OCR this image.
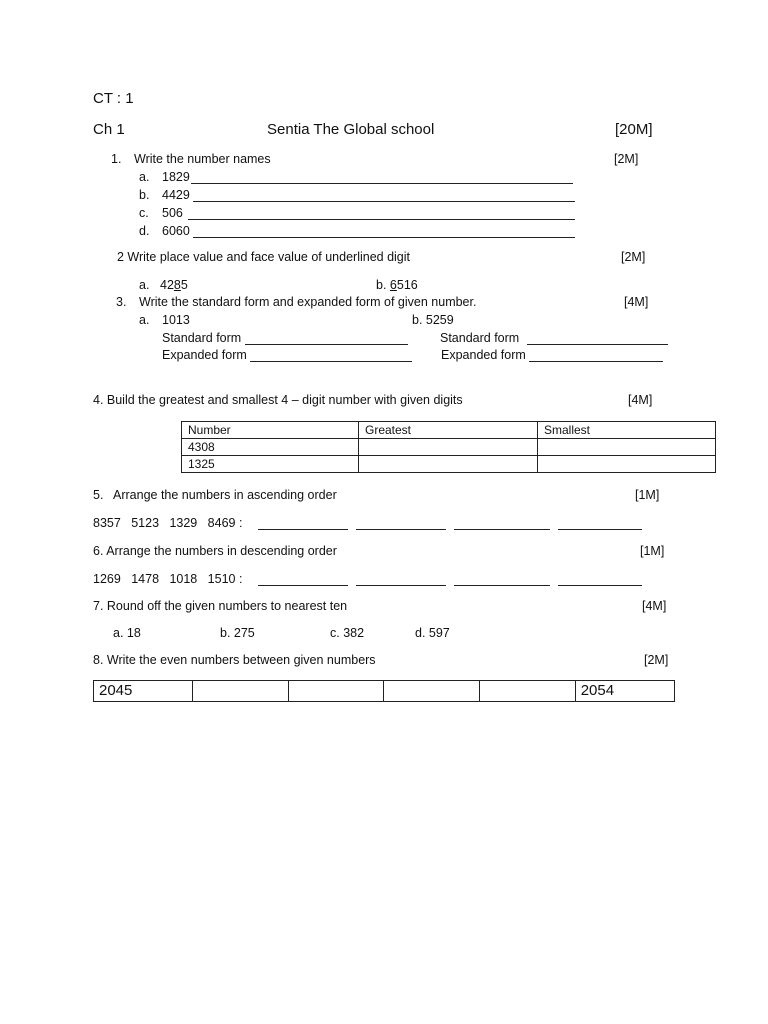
CT : 1
Ch 1	Sentia The Global school	[20M]
1. Write the number names	[2M]
a. 1829
b. 4429
c. 506
d. 6060
2 Write place value and face value of underlined digit	[2M]
a. 4285	b. 6516
3. Write the standard form and expanded form of given number.	[4M]
a. 1013	b. 5259
Standard form	Standard form
Expanded form	Expanded form
4. Build the greatest and smallest 4 – digit number with given digits	[4M]
Number	Greatest	Smallest
4308		
1325		
5. Arrange the numbers in ascending order	[1M]
8357   5123   1329   8469 :
6. Arrange the numbers in descending order	[1M]
1269   1478   1018   1510 :
7. Round off the given numbers to nearest ten	[4M]
a. 18	b. 275	c. 382	d. 597
8. Write the even numbers between given numbers	[2M]
2045					2054
